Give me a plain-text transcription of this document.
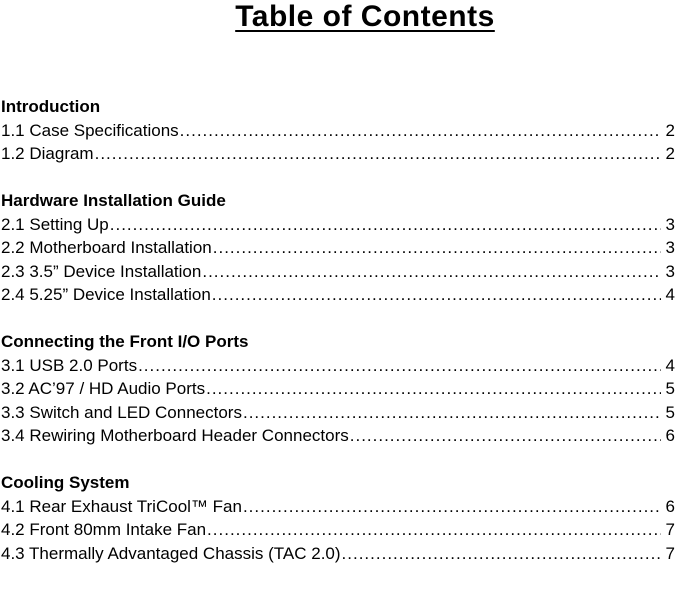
Table of Contents
Introduction
1.1 Case Specifications .....	2
1.2 Diagram .....	2
Hardware Installation Guide
2.1 Setting Up .....	3
2.2 Motherboard Installation .....	3
2.3 3.5” Device Installation .....	3
2.4 5.25” Device Installation .....	4
Connecting the Front I/O Ports
3.1 USB 2.0 Ports .....	4
3.2 AC’97 / HD Audio Ports .....	5
3.3 Switch and LED Connectors .....	5
3.4 Rewiring Motherboard Header Connectors .....	6
Cooling System
4.1 Rear Exhaust TriCool™ Fan .....	6
4.2 Front 80mm Intake Fan .....	7
4.3 Thermally Advantaged Chassis (TAC 2.0) .....	7
